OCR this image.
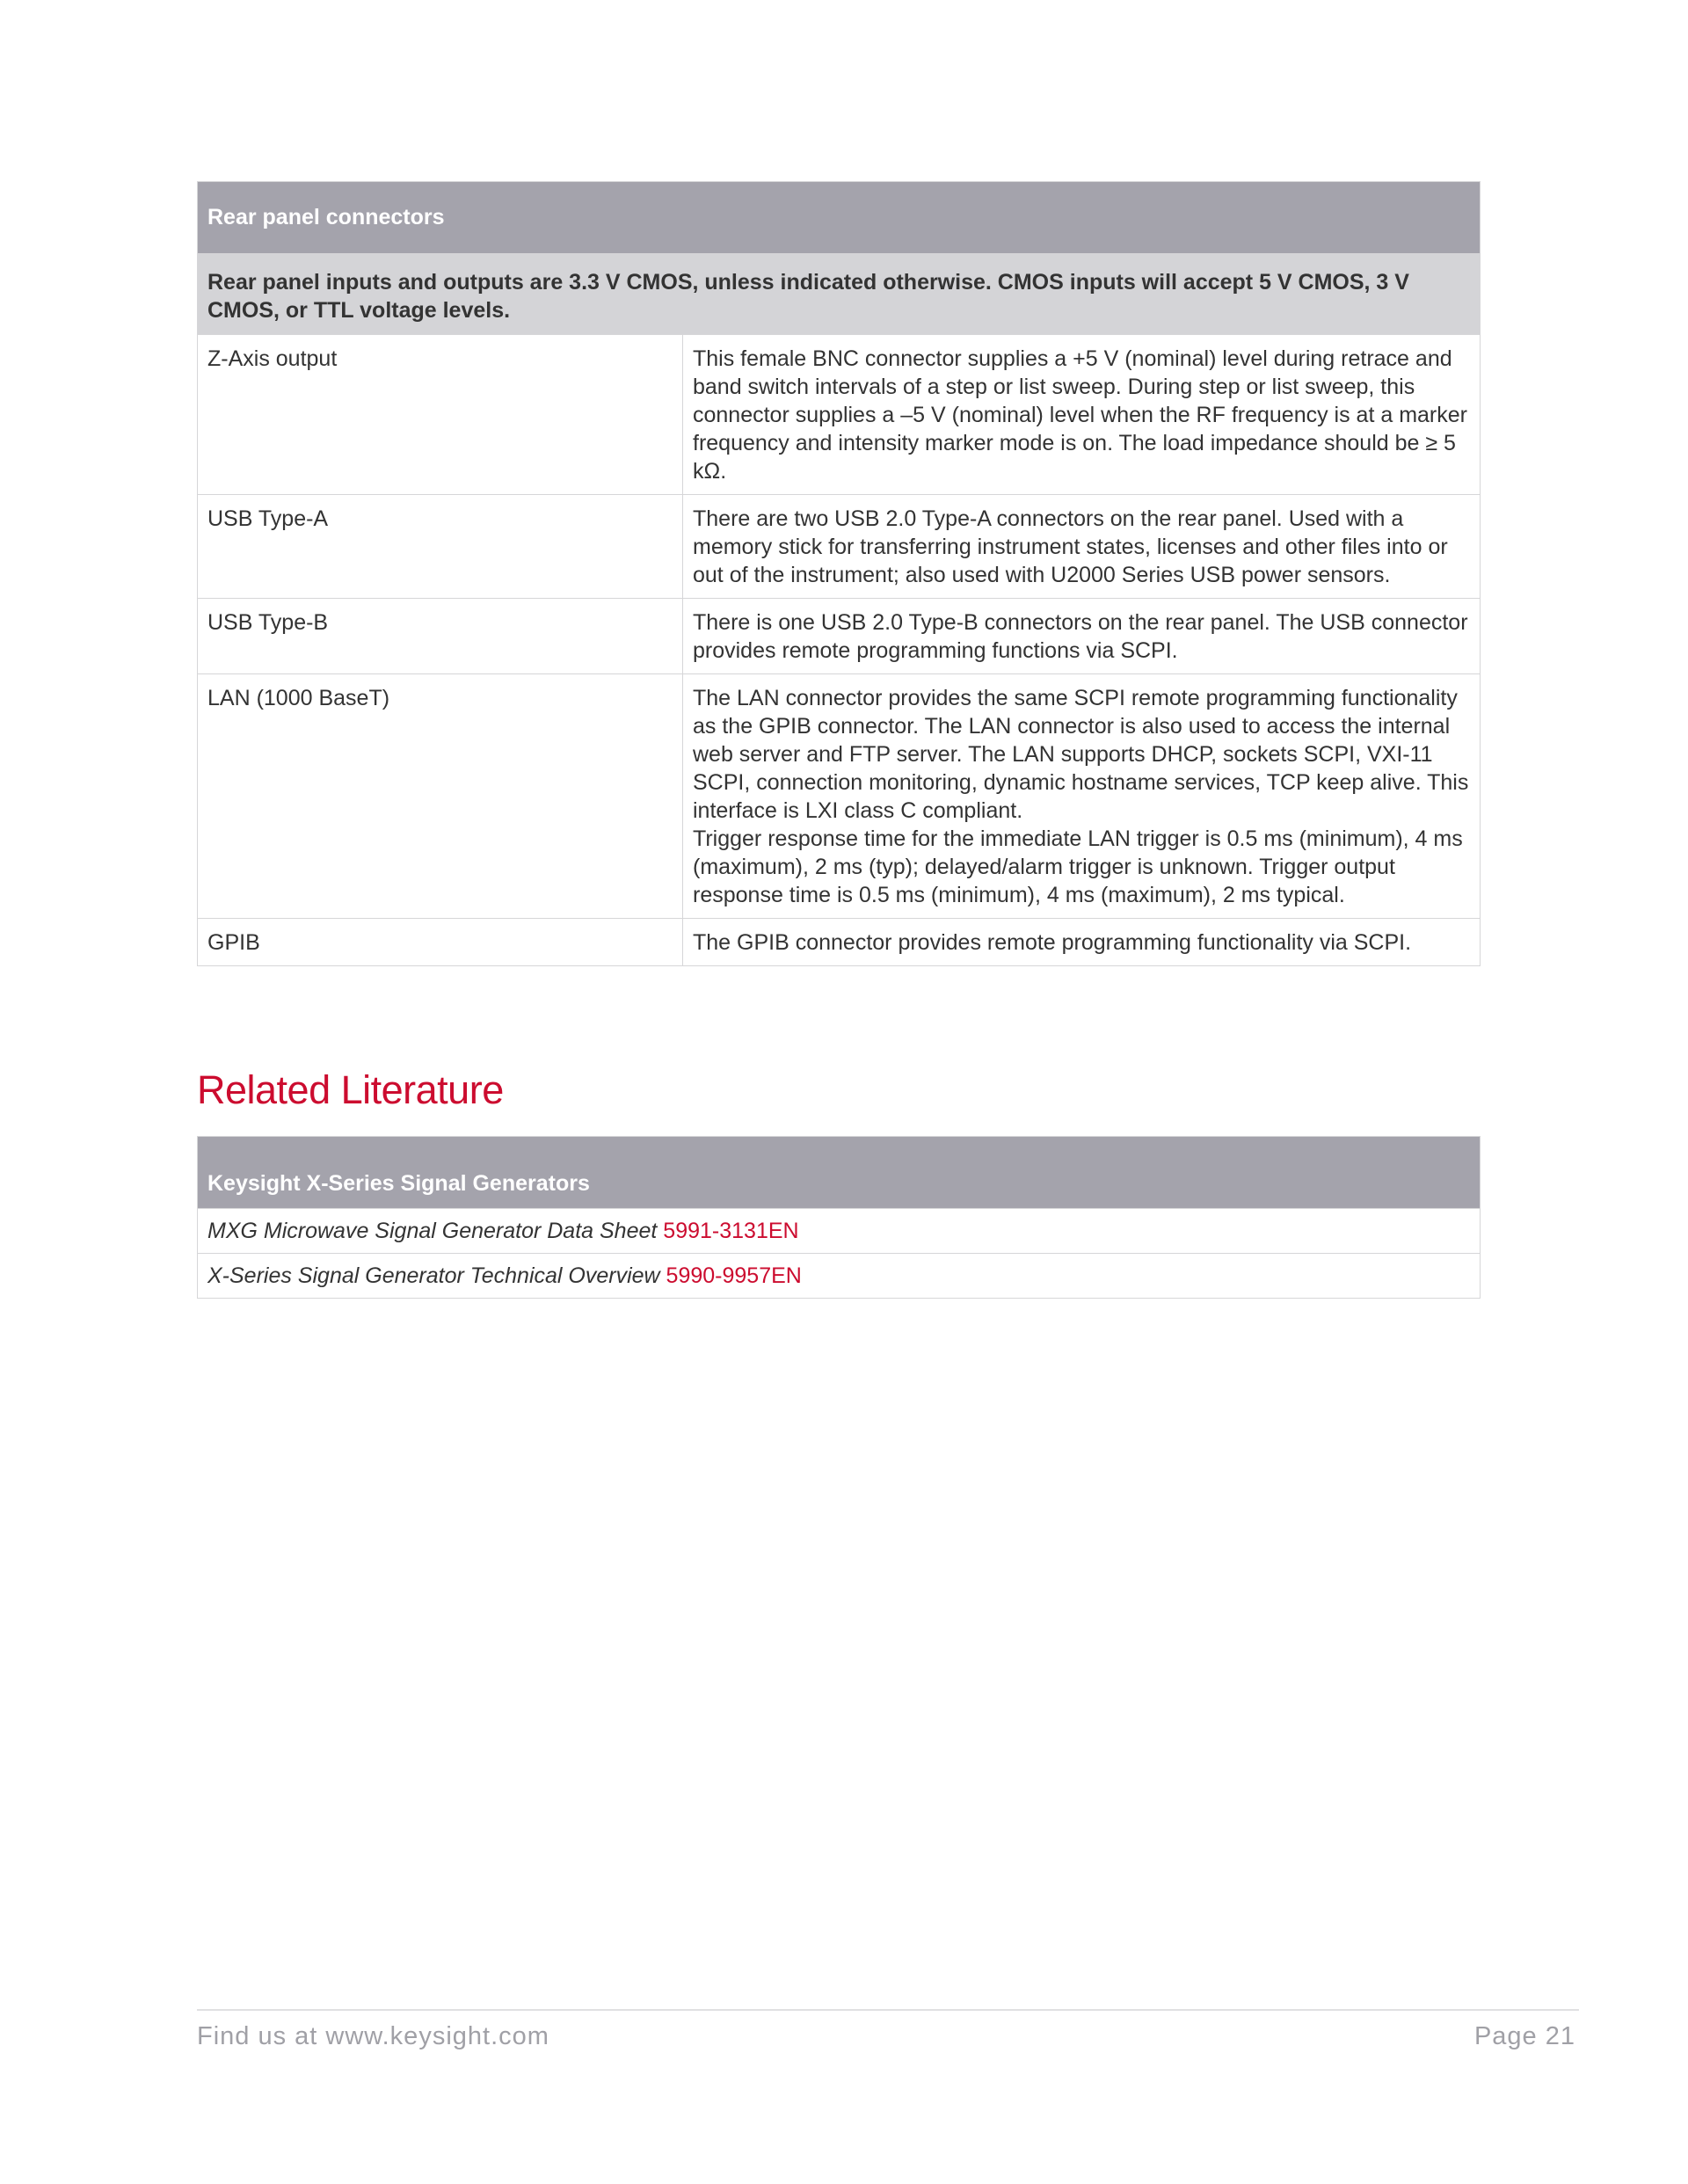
Rear panel connectors	
Rear panel inputs and outputs are 3.3 V CMOS, unless indicated otherwise. CMOS inputs will accept 5 V CMOS, 3 V CMOS, or TTL voltage levels.	
Z-Axis output	This female BNC connector supplies a +5 V (nominal) level during retrace and band switch intervals of a step or list sweep. During step or list sweep, this connector supplies a –5 V (nominal) level when the RF frequency is at a marker frequency and intensity marker mode is on. The load impedance should be ≥ 5 kΩ.
USB Type-A	There are two USB 2.0 Type-A connectors on the rear panel. Used with a memory stick for transferring instrument states, licenses and other files into or out of the instrument; also used with U2000 Series USB power sensors.
USB Type-B	There is one USB 2.0 Type-B connectors on the rear panel. The USB connector provides remote programming functions via SCPI.
LAN (1000 BaseT)	The LAN connector provides the same SCPI remote programming functionality as the GPIB connector. The LAN connector is also used to access the internal web server and FTP server. The LAN supports DHCP, sockets SCPI, VXI-11 SCPI, connection monitoring, dynamic hostname services, TCP keep alive. This interface is LXI class C compliant.
Trigger response time for the immediate LAN trigger is 0.5 ms (minimum), 4 ms (maximum), 2 ms (typ); delayed/alarm trigger is unknown. Trigger output response time is 0.5 ms (minimum), 4 ms (maximum), 2 ms typical.

GPIB	The GPIB connector provides remote programming functionality via SCPI.
Related Literature
Keysight X-Series Signal Generators
MXG Microwave Signal Generator Data Sheet 5991-3131EN
X-Series Signal Generator Technical Overview 5990-9957EN
Find us at www.keysight.com	Page 21
